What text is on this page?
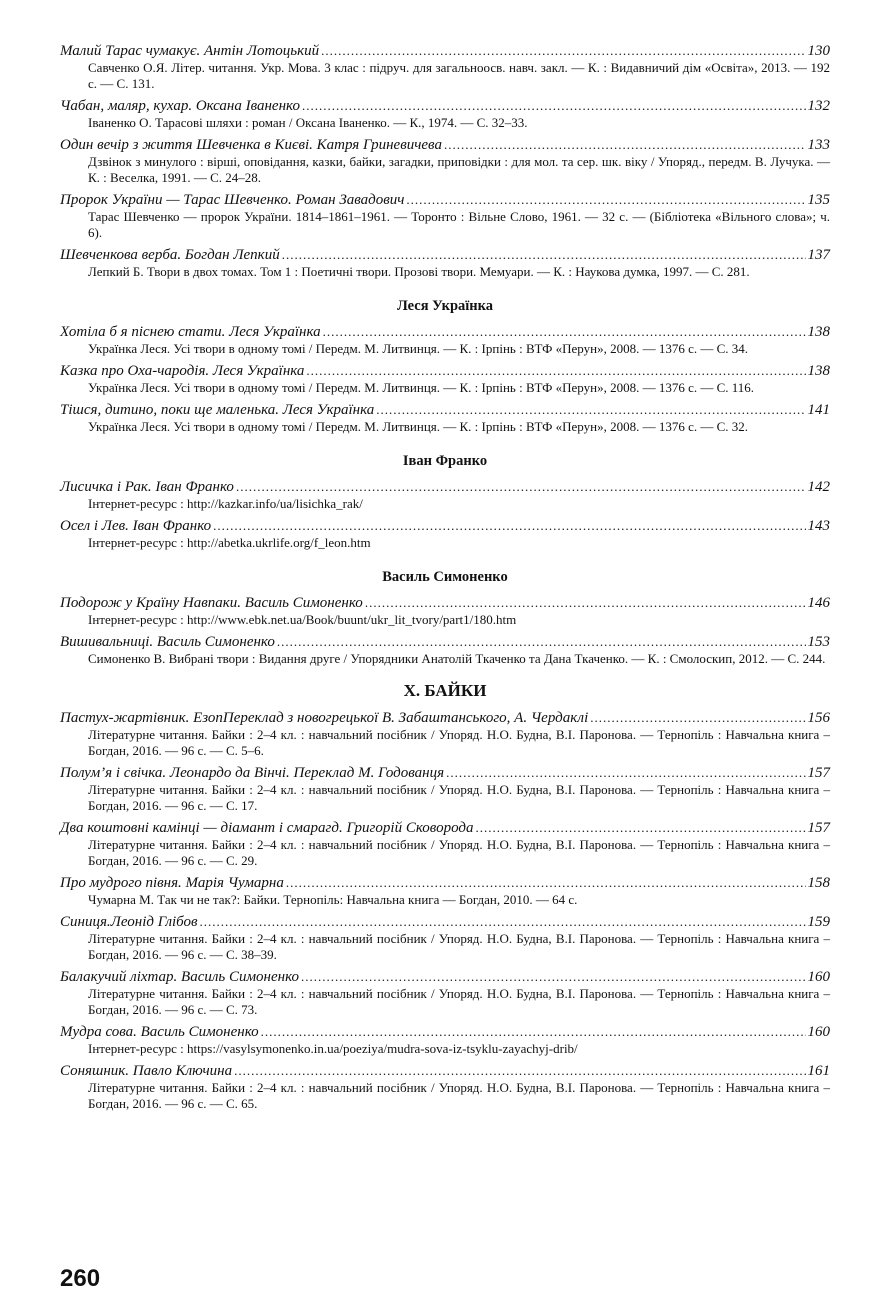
Малий Тарас чумакує. Антін Лотоцький .....	130
Савченко О.Я. Літер. читання. Укр. Мова. 3 клас : підруч. для загальноосв. навч. закл. — К. : Видавничий дім «Освіта», 2013. — 192 с. — С. 131.
Чабан, маляр, кухар. Оксана Іваненко .....	132
Іваненко О. Тарасові шляхи : роман / Оксана Іваненко. — К., 1974. — С. 32–33.
Один вечір з життя Шевченка в Києві. Катря Гриневичева .....	133
Дзвінок з минулого : вірші, оповідання, казки, байки, загадки, приповідки : для мол. та сер. шк. віку / Упоряд., передм. В. Лучука. — К. : Веселка, 1991. — С. 24–28.
Пророк України — Тарас Шевченко. Роман Завадович .....	135
Тарас Шевченко — пророк України. 1814–1861–1961. — Торонто : Вільне Слово, 1961. — 32 с. — (Бібліотека «Вільного слова»; ч. 6).
Шевченкова верба. Богдан Лепкий .....	137
Лепкий Б. Твори в двох томах. Том 1 : Поетичні твори. Прозові твори. Мемуари. — К. : Наукова думка, 1997. — С. 281.
Леся Українка
Хотіла б я піснею стати. Леся Українка .....	138
Українка Леся. Усі твори в одному томі / Передм. М. Литвинця. — К. : Ірпінь : ВТФ «Перун», 2008. — 1376 с. — С. 34.
Казка про Оха-чародія. Леся Українка .....	138
Українка Леся. Усі твори в одному томі / Передм. М. Литвинця. — К. : Ірпінь : ВТФ «Перун», 2008. — 1376 с. — С. 116.
Тішся, дитино, поки ще маленька. Леся Українка .....	141
Українка Леся. Усі твори в одному томі / Передм. М. Литвинця. — К. : Ірпінь : ВТФ «Перун», 2008. — 1376 с. — С. 32.
Іван Франко
Лисичка і Рак. Іван Франко .....	142
Інтернет-ресурс : http://kazkar.info/ua/lisichka_rak/
Осел і Лев. Іван Франко .....	143
Інтернет-ресурс : http://abetka.ukrlife.org/f_leon.htm
Василь Симоненко
Подорож у Країну Навпаки. Василь Симоненко .....	146
Інтернет-ресурс : http://www.ebk.net.ua/Book/buunt/ukr_lit_tvory/part1/180.htm
Вишивальниці. Василь Симоненко .....	153
Симоненко В. Вибрані твори : Видання друге / Упорядники Анатолій Ткаченко та Дана Ткаченко. — К. : Смолоскип, 2012. — С. 244.
X. БАЙКИ
Пастух-жартівник. ЕзопПереклад з новогрецької В. Забаштанського, А. Чердаклі .....	156
Літературне читання. Байки : 2–4 кл. : навчальний посібник / Упоряд. Н.О. Будна, В.І. Паронова. — Тернопіль : Навчальна книга – Богдан, 2016. — 96 с. — С. 5–6.
Полум’я і свічка. Леонардо да Вінчі. Переклад М. Годованця .....	157
Літературне читання. Байки : 2–4 кл. : навчальний посібник / Упоряд. Н.О. Будна, В.І. Паронова. — Тернопіль : Навчальна книга – Богдан, 2016. — 96 с. — С. 17.
Два коштовні камінці — діамант і смарагд. Григорій Сковорода .....	157
Літературне читання. Байки : 2–4 кл. : навчальний посібник / Упоряд. Н.О. Будна, В.І. Паронова. — Тернопіль : Навчальна книга – Богдан, 2016. — 96 с. — С. 29.
Про мудрого півня. Марія Чумарна .....	158
Чумарна М. Так чи не так?: Байки. Тернопіль: Навчальна книга — Богдан, 2010. — 64 с.
Синиця.Леонід Глібов .....	159
Літературне читання. Байки : 2–4 кл. : навчальний посібник / Упоряд. Н.О. Будна, В.І. Паронова. — Тернопіль : Навчальна книга – Богдан, 2016. — 96 с. — С. 38–39.
Балакучий ліхтар. Василь Симоненко .....	160
Літературне читання. Байки : 2–4 кл. : навчальний посібник / Упоряд. Н.О. Будна, В.І. Паронова. — Тернопіль : Навчальна книга – Богдан, 2016. — 96 с. — С. 73.
Мудра сова. Василь Симоненко .....	160
Інтернет-ресурс : https://vasylsymonenko.in.ua/poeziya/mudra-sova-iz-tsyklu-zayachyj-drib/
Соняшник. Павло Ключина .....	161
Літературне читання. Байки : 2–4 кл. : навчальний посібник / Упоряд. Н.О. Будна, В.І. Паронова. — Тернопіль : Навчальна книга – Богдан, 2016. — 96 с. — С. 65.
260
